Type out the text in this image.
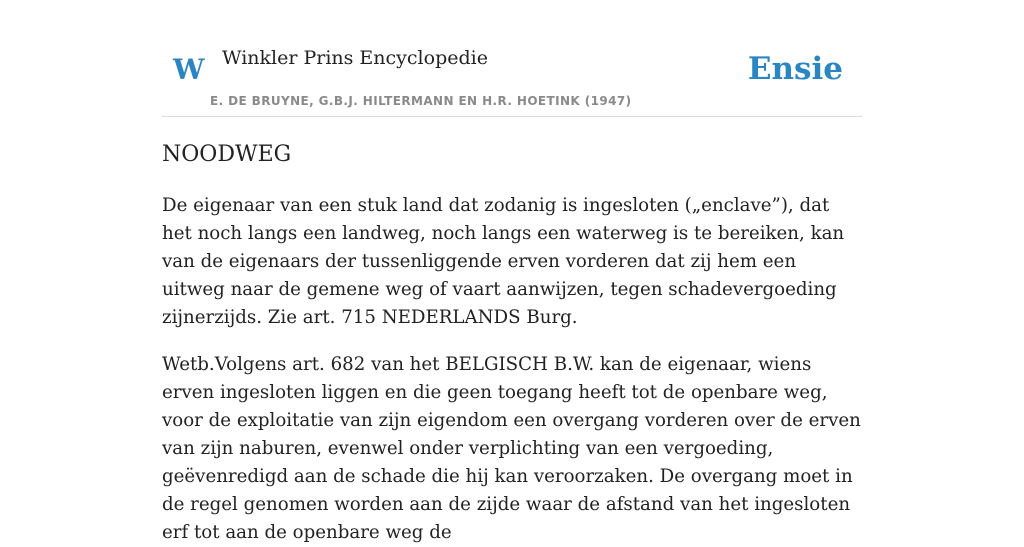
W Winkler Prins Encyclopedie
E. DE BRUYNE, G.B.J. HILTERMANN EN H.R. HOETINK (1947)
Ensie
NOODWEG

De eigenaar van een stuk land dat zodanig is ingesloten („enclave”), dat het noch langs een landweg, noch langs een waterweg is te bereiken, kan van de eigenaars der tussenliggende erven vorderen dat zij hem een uitweg naar de gemene weg of vaart aanwijzen, tegen schadevergoeding zijnerzijds. Zie art. 715 NEDERLANDS Burg.

Wetb.Volgens art. 682 van het BELGISCH B.W. kan de eigenaar, wiens erven ingesloten liggen en die geen toegang heeft tot de openbare weg, voor de exploitatie van zijn eigendom een overgang vorderen over de erven van zijn naburen, evenwel onder verplichting van een vergoeding, geëvenredigd aan de schade die hij kan veroorzaken. De overgang moet in de regel genomen worden aan de zijde waar de afstand van het ingesloten erf tot aan de openbare weg de
